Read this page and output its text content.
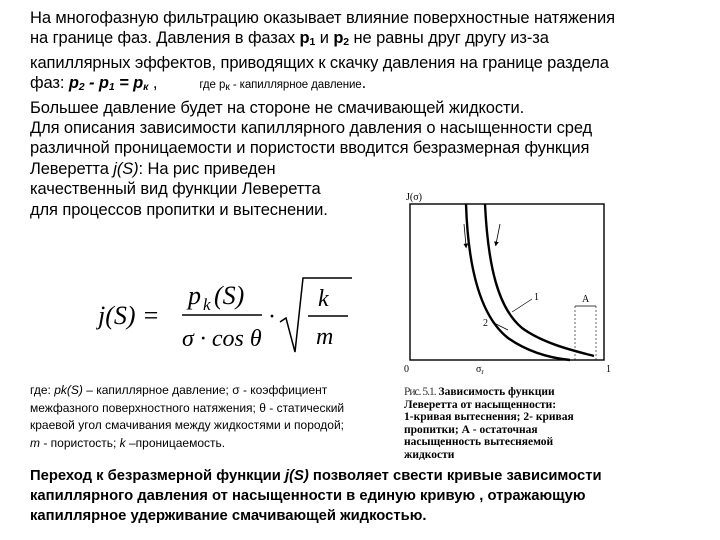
На многофазную фильтрацию оказывает влияние поверхностные натяжения
на границе фаз. Давления в фазах p1 и p2 не равны друг другу из-за
капиллярных эффектов, приводящих к скачку давления на границе раздела
фаз: p2 - p1 = pк ,	где pк - капиллярное давление.
Большее давление будет на стороне не смачивающей жидкости.
Для описания зависимости капиллярного давления о насыщенности сред
различной проницаемости и пористости вводится безразмерная функция
Леверетта j(S): На рис приведен
качественный вид функции Леверетта
для процессов пропитки и вытеснении.
j(S) =
p k (S)
σ · cos θ
·
k
m
где: pk(S) – капиллярное давление; σ - коэффициент
межфазного поверхностного натяжения; θ - статический
краевой угол смачивания между жидкостями и породой;
m - пористость; k –проницаемость.
J(σ)
A
1
2
0	$\sigma_r$	1
Рис. 5.1. Зависимость функции
Леверетта от насыщенности:
1-кривая вытеснения; 2- кривая
пропитки; А - остаточная
насыщенность вытесняемой
жидкости
Переход к безразмерной функции j(S) позволяет свести кривые зависимости
капиллярного давления от насыщенности в единую кривую , отражающую
капиллярное удерживание смачивающей жидкостью.
